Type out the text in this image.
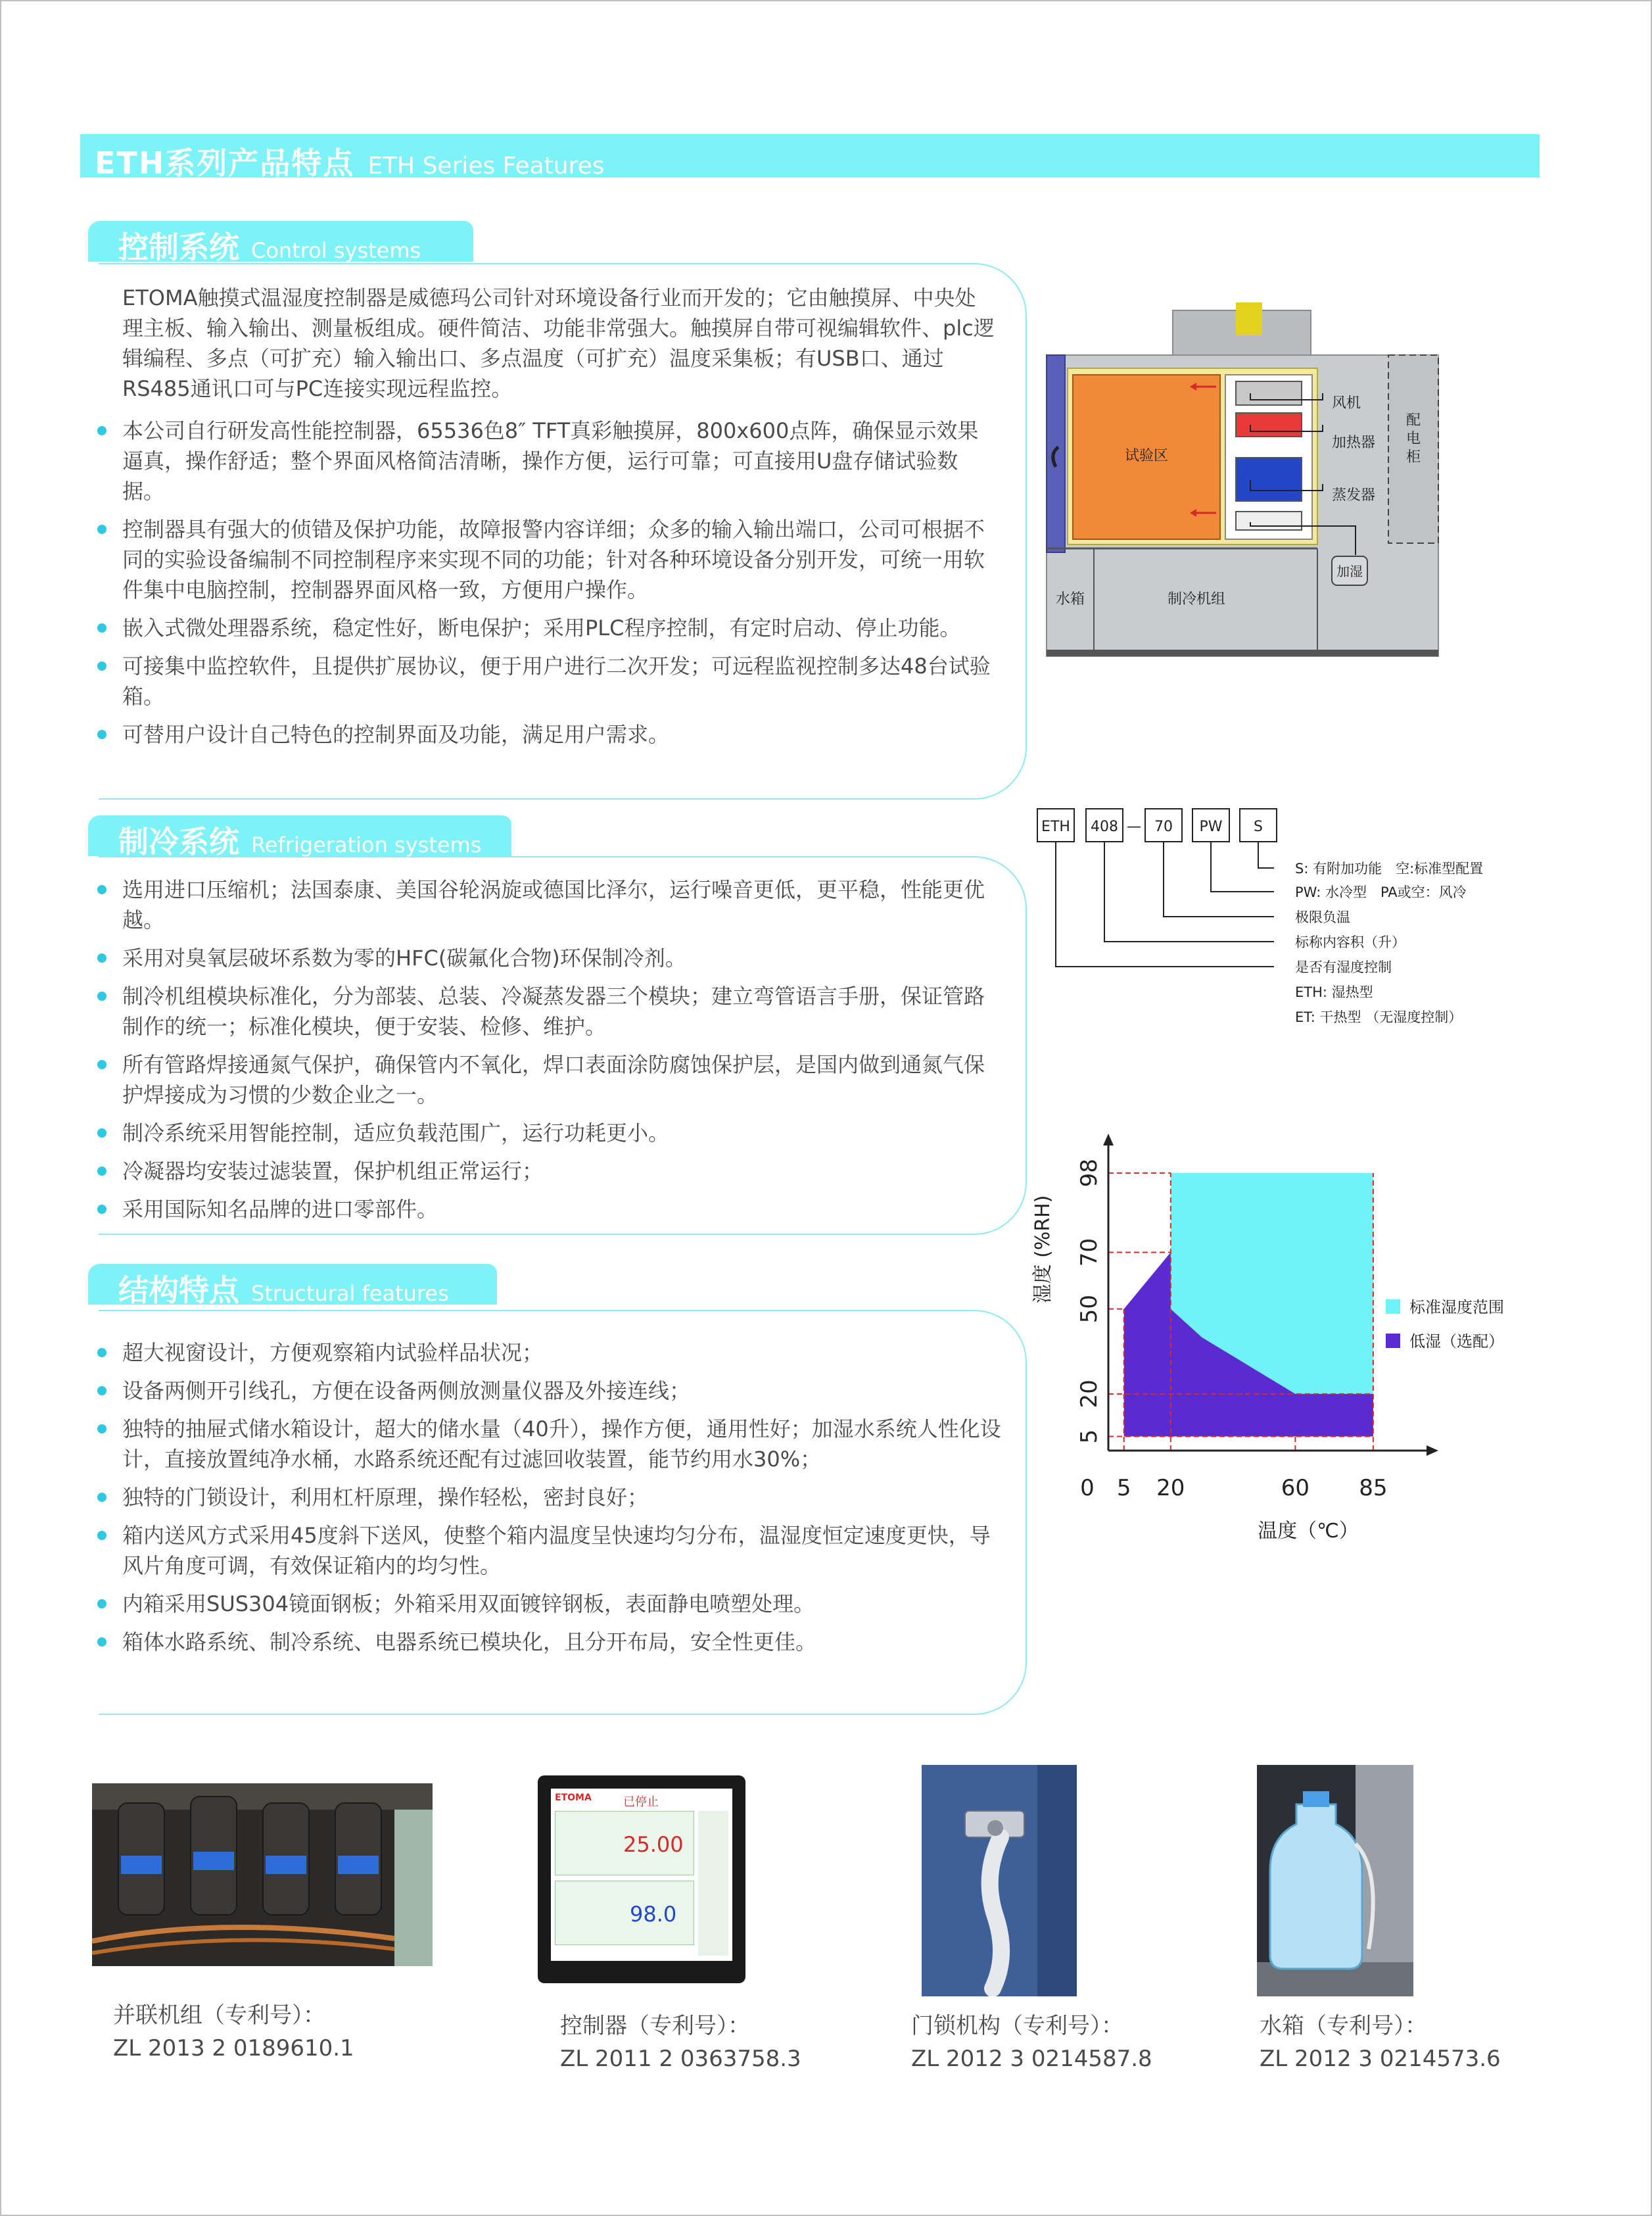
ETH系列产品特点 ETH Series Features
控制系统 Control systems
ETOMA触摸式温湿度控制器是威德玛公司针对环境设备行业而开发的；它由触摸屏、中央处理主板、输入输出、测量板组成。硬件简洁、功能非常强大。触摸屏自带可视编辑软件、plc逻辑编程、多点（可扩充）输入输出口、多点温度（可扩充）温度采集板；有USB口、通过RS485通讯口可与PC连接实现远程监控。
本公司自行研发高性能控制器，65536色8″ TFT真彩触摸屏，800x600点阵，确保显示效果逼真，操作舒适；整个界面风格简洁清晰，操作方便，运行可靠；可直接用U盘存储试验数据。
控制器具有强大的侦错及保护功能，故障报警内容详细；众多的输入输出端口，公司可根据不同的实验设备编制不同控制程序来实现不同的功能；针对各种环境设备分别开发，可统一用软件集中电脑控制，控制器界面风格一致，方便用户操作。
嵌入式微处理器系统，稳定性好，断电保护；采用PLC程序控制，有定时启动、停止功能。
可接集中监控软件，且提供扩展协议，便于用户进行二次开发；可远程监视控制多达48台试验箱。
可替用户设计自己特色的控制界面及功能，满足用户需求。
制冷系统 Refrigeration systems
选用进口压缩机；法国泰康、美国谷轮涡旋或德国比泽尔，运行噪音更低，更平稳，性能更优越。
采用对臭氧层破坏系数为零的HFC(碳氟化合物)环保制冷剂。
制冷机组模块标准化，分为部装、总装、冷凝蒸发器三个模块；建立弯管语言手册，保证管路制作的统一；标准化模块，便于安装、检修、维护。
所有管路焊接通氮气保护，确保管内不氧化，焊口表面涂防腐蚀保护层，是国内做到通氮气保护焊接成为习惯的少数企业之一。
制冷系统采用智能控制，适应负载范围广，运行功耗更小。
冷凝器均安装过滤装置，保护机组正常运行；
采用国际知名品牌的进口零部件。
结构特点 Structural features
超大视窗设计，方便观察箱内试验样品状况；
设备两侧开引线孔，方便在设备两侧放测量仪器及外接连线；
独特的抽屉式储水箱设计，超大的储水量（40升），操作方便，通用性好；加湿水系统人性化设计，直接放置纯净水桶，水路系统还配有过滤回收装置，能节约用水30%；
独特的门锁设计，利用杠杆原理，操作轻松，密封良好；
箱内送风方式采用45度斜下送风，使整个箱内温度呈快速均匀分布，温湿度恒定速度更快，导风片角度可调，有效保证箱内的均匀性。
内箱采用SUS304镜面钢板；外箱采用双面镀锌钢板，表面静电喷塑处理。
箱体水路系统、制冷系统、电器系统已模块化，且分开布局，安全性更佳。
试验区
风机
加热器
蒸发器
配
电
柜
加湿
水箱	制冷机组
ETH 408 — 70 PW S
S: 有附加功能　空:标准型配置
PW: 水冷型　PA或空：风冷
极限负温
标称内容积（升）
是否有湿度控制
ETH: 湿热型
ET: 干热型 （无湿度控制）
0 5 20	60 85
5
20
50
70
98
温度（℃）
湿度 (%RH)
标准湿度范围
低湿（选配）
ETOMA	已停止
25.00
98.0
并联机组（专利号）：
ZL 2013 2 0189610.1
控制器（专利号）：
ZL 2011 2 0363758.3
门锁机构（专利号）：
ZL 2012 3 0214587.8
水箱（专利号）：
ZL 2012 3 0214573.6
